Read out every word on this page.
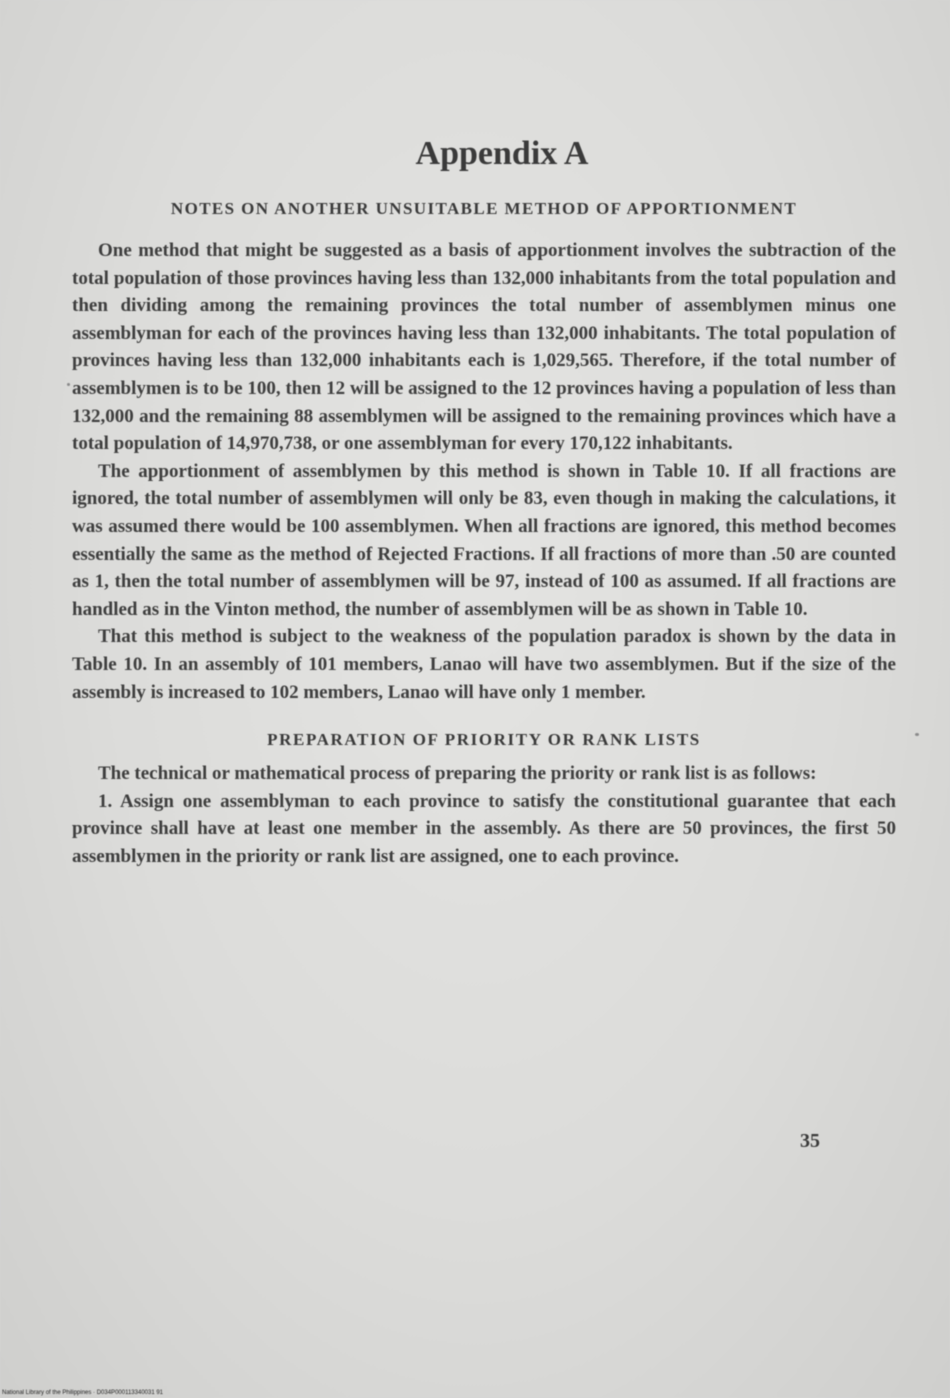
Appendix A
NOTES ON ANOTHER UNSUITABLE METHOD OF APPORTIONMENT

One method that might be suggested as a basis of apportionment involves the subtraction of the total population of those provinces having less than 132,000 inhabitants from the total population and then dividing among the remaining provinces the total number of assemblymen minus one assemblyman for each of the provinces having less than 132,000 inhabitants. The total population of provinces having less than 132,000 inhabitants each is 1,029,565. Therefore, if the total number of assemblymen is to be 100, then 12 will be assigned to the 12 provinces having a population of less than 132,000 and the remaining 88 assemblymen will be assigned to the remaining provinces which have a total population of 14,970,738, or one assemblyman for every 170,122 inhabitants.

The apportionment of assemblymen by this method is shown in Table 10. If all fractions are ignored, the total number of assemblymen will only be 83, even though in making the calculations, it was assumed there would be 100 assemblymen. When all fractions are ignored, this method becomes essentially the same as the method of Rejected Fractions. If all fractions of more than .50 are counted as 1, then the total number of assemblymen will be 97, instead of 100 as assumed. If all fractions are handled as in the Vinton method, the number of assemblymen will be as shown in Table 10.

That this method is subject to the weakness of the population paradox is shown by the data in Table 10. In an assembly of 101 members, Lanao will have two assemblymen. But if the size of the assembly is increased to 102 members, Lanao will have only 1 member.

PREPARATION OF PRIORITY OR RANK LISTS

The technical or mathematical process of preparing the priority or rank list is as follows:

1. Assign one assemblyman to each province to satisfy the constitutional guarantee that each province shall have at least one member in the assembly. As there are 50 provinces, the first 50 assemblymen in the priority or rank list are assigned, one to each province.

35
National Library of the Philippines · D034P000113340031 91
